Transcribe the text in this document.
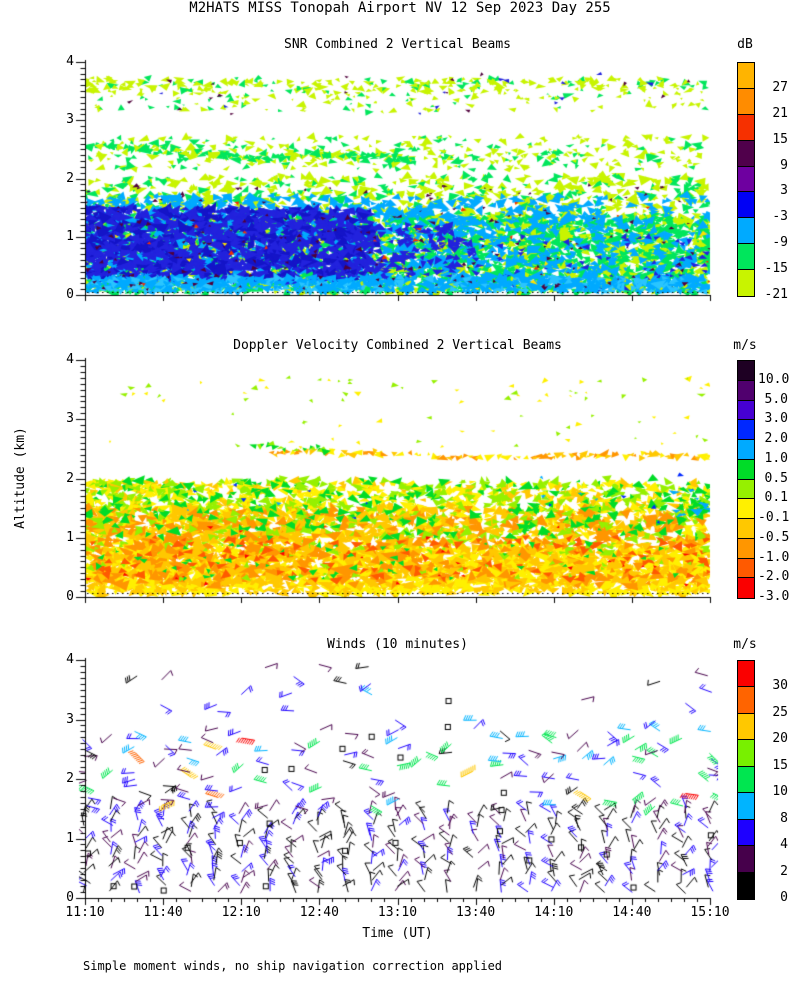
M2HATS MISS Tonopah Airport NV 12 Sep 2023 Day 255
SNR Combined 2 Vertical Beams
Doppler Velocity Combined 2 Vertical Beams
Winds (10 minutes)
dB
m/s
m/s
Altitude (km)
Time (UT)
Simple moment winds, no ship navigation correction applied
0
1
2
3
4
27
21
15
9
3
-3
-9
-15
-21
0
1
2
3
4
10.0
5.0
3.0
2.0
1.0
0.5
0.1
-0.1
-0.5
-1.0
-2.0
-3.0
0
1
2
3
4
30
25
20
15
10
8
4
2
0
11:10	11:40	12:10	12:40	13:10	13:40	14:10	14:40	15:10
